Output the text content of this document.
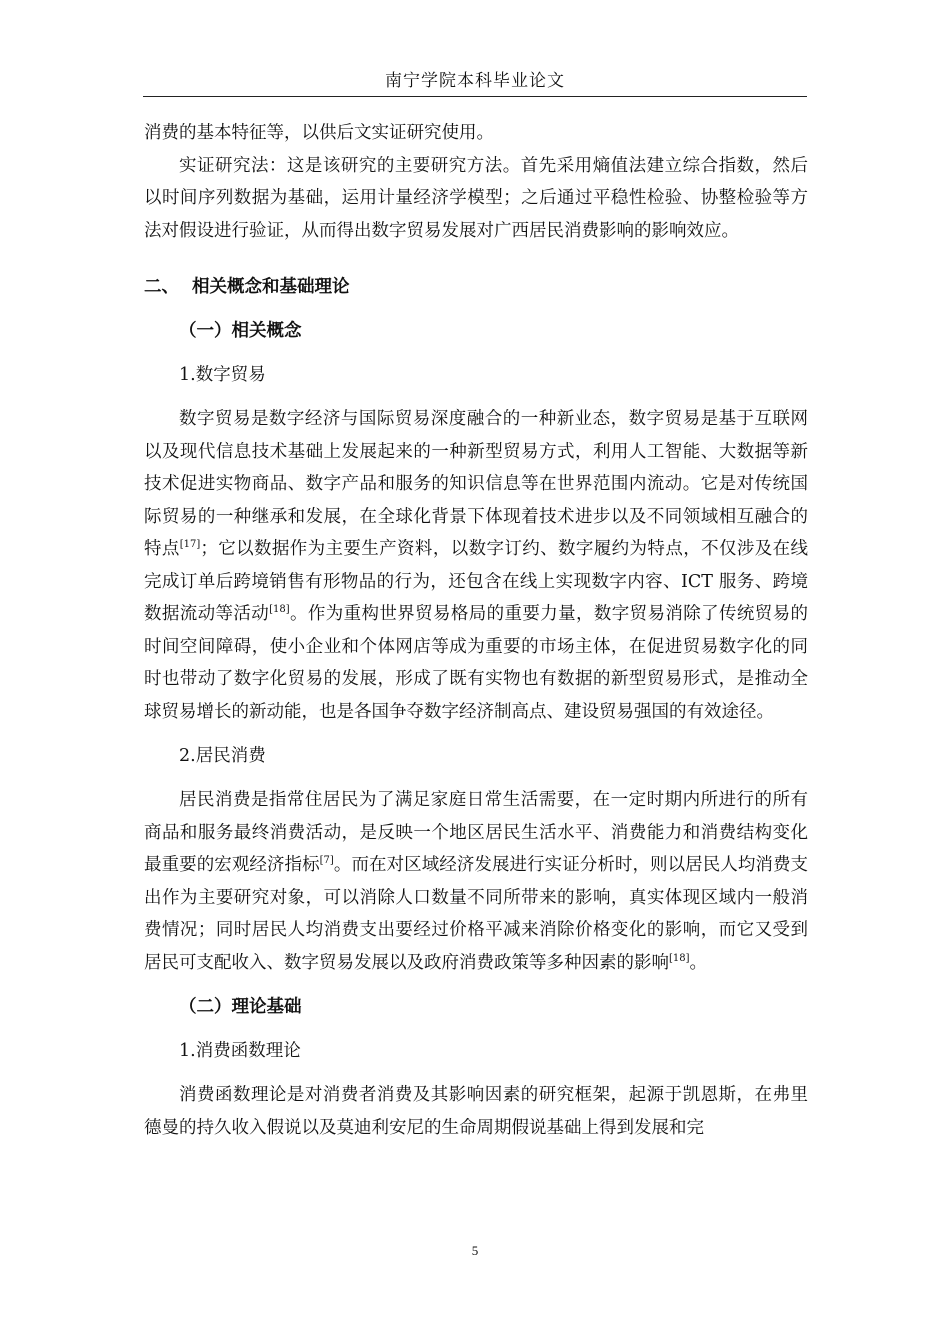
南宁学院本科毕业论文

消费的基本特征等，以供后文实证研究使用。

实证研究法：这是该研究的主要研究方法。首先采用熵值法建立综合指数，然后以时间序列数据为基础，运用计量经济学模型；之后通过平稳性检验、协整检验等方法对假设进行验证，从而得出数字贸易发展对广西居民消费影响的影响效应。

二、 相关概念和基础理论
（一）相关概念
1.数字贸易

数字贸易是数字经济与国际贸易深度融合的一种新业态，数字贸易是基于互联网以及现代信息技术基础上发展起来的一种新型贸易方式，利用人工智能、大数据等新技术促进实物商品、数字产品和服务的知识信息等在世界范围内流动。它是对传统国际贸易的一种继承和发展，在全球化背景下体现着技术进步以及不同领域相互融合的特点[17]；它以数据作为主要生产资料，以数字订约、数字履约为特点，不仅涉及在线完成订单后跨境销售有形物品的行为，还包含在线上实现数字内容、ICT 服务、跨境数据流动等活动[18]。作为重构世界贸易格局的重要力量，数字贸易消除了传统贸易的时间空间障碍，使小企业和个体网店等成为重要的市场主体，在促进贸易数字化的同时也带动了数字化贸易的发展，形成了既有实物也有数据的新型贸易形式，是推动全球贸易增长的新动能，也是各国争夺数字经济制高点、建设贸易强国的有效途径。

2.居民消费

居民消费是指常住居民为了满足家庭日常生活需要，在一定时期内所进行的所有商品和服务最终消费活动，是反映一个地区居民生活水平、消费能力和消费结构变化最重要的宏观经济指标[7]。而在对区域经济发展进行实证分析时，则以居民人均消费支出作为主要研究对象，可以消除人口数量不同所带来的影响，真实体现区域内一般消费情况；同时居民人均消费支出要经过价格平减来消除价格变化的影响，而它又受到居民可支配收入、数字贸易发展以及政府消费政策等多种因素的影响[18]。

（二）理论基础
1.消费函数理论

消费函数理论是对消费者消费及其影响因素的研究框架，起源于凯恩斯，在弗里德曼的持久收入假说以及莫迪利安尼的生命周期假说基础上得到发展和完

5
